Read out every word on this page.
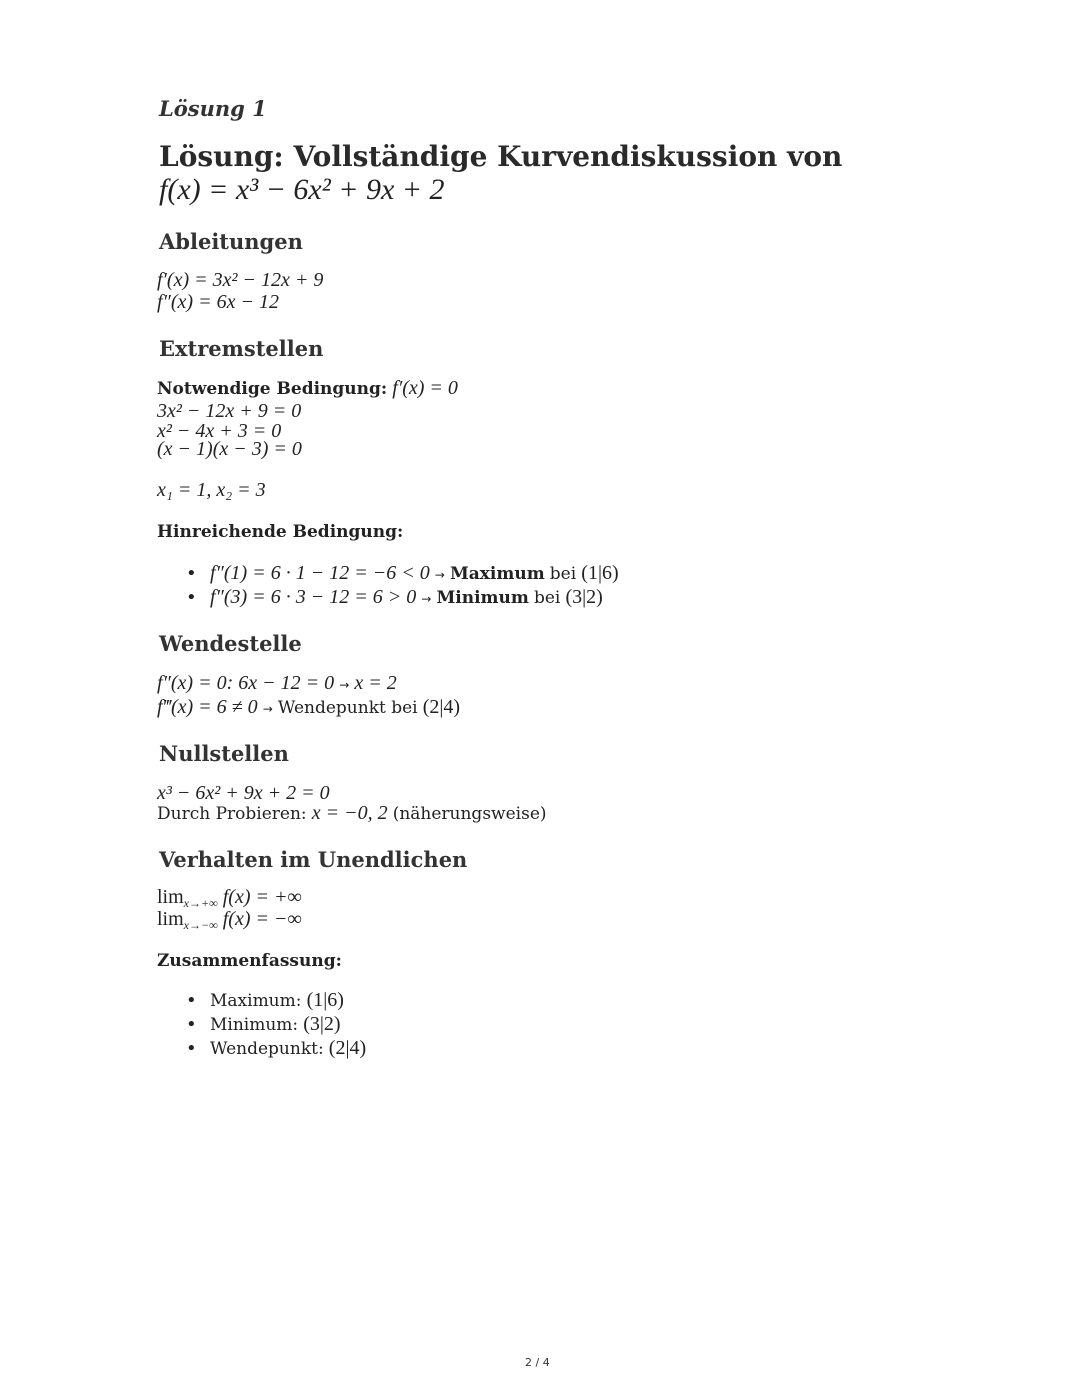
Lösung 1
Lösung: Vollständige Kurvendiskussion von
f(x) = x³ − 6x² + 9x + 2
Ableitungen
f′(x) = 3x² − 12x + 9
f″(x) = 6x − 12
Extremstellen
Notwendige Bedingung: f′(x) = 0
3x² − 12x + 9 = 0
x² − 4x + 3 = 0
(x − 1)(x − 3) = 0
x₁ = 1, x₂ = 3
Hinreichende Bedingung:
• f″(1) = 6 · 1 − 12 = −6 < 0 → Maximum bei (1|6)
• f″(3) = 6 · 3 − 12 = 6 > 0 → Minimum bei (3|2)
Wendestelle
f″(x) = 0: 6x − 12 = 0 → x = 2
f‴(x) = 6 ≠ 0 → Wendepunkt bei (2|4)
Nullstellen
x³ − 6x² + 9x + 2 = 0
Durch Probieren: x = −0, 2 (näherungsweise)
Verhalten im Unendlichen
$\lim_{x\to+\infty} f(x)$ = +∞
$\lim_{x\to-\infty} f(x)$ = −∞
Zusammenfassung:
• Maximum: (1|6)
• Minimum: (3|2)
• Wendepunkt: (2|4)
2 / 4
